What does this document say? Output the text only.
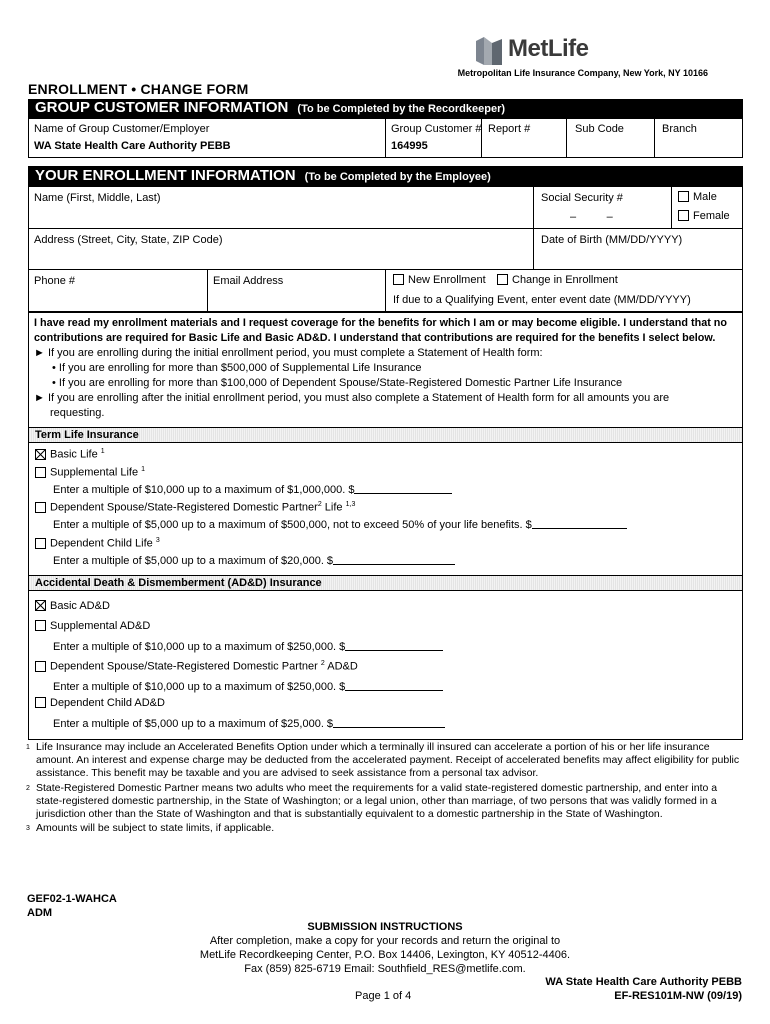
MetLife
Metropolitan Life Insurance Company, New York, NY 10166
ENROLLMENT • CHANGE FORM
GROUP CUSTOMER INFORMATION (To be Completed by the Recordkeeper)
Name of Group Customer/Employer
WA State Health Care Authority PEBB
Group Customer #
164995
Report #	Sub Code	Branch
YOUR ENROLLMENT INFORMATION (To be Completed by the Employee)
Name (First, Middle, Last)	Social Security #
–          –
Male
Female
Address (Street, City, State, ZIP Code)	Date of Birth (MM/DD/YYYY)
Phone #	Email Address	New Enrollment	Change in Enrollment
If due to a Qualifying Event, enter event date (MM/DD/YYYY)
I have read my enrollment materials and I request coverage for the benefits for which I am or may become eligible. I understand that no
contributions are required for Basic Life and Basic AD&D. I understand that contributions are required for the benefits I select below.
► If you are enrolling during the initial enrollment period, you must complete a Statement of Health form:
• If you are enrolling for more than $500,000 of Supplemental Life Insurance
• If you are enrolling for more than $100,000 of Dependent Spouse/State-Registered Domestic Partner Life Insurance
► If you are enrolling after the initial enrollment period, you must also complete a Statement of Health form for all amounts you are
requesting.
Term Life Insurance
Basic Life $^1$
Supplemental Life $^1$
Enter a multiple of $10,000 up to a maximum of $1,000,000. $
Dependent Spouse/State-Registered Domestic Partner$^2$ Life $^{1,3}$
Enter a multiple of $5,000 up to a maximum of $500,000, not to exceed 50% of your life benefits. $
Dependent Child Life $^3$
Enter a multiple of $5,000 up to a maximum of $20,000. $
Accidental Death & Dismemberment (AD&D) Insurance
Basic AD&D
Supplemental AD&D
Enter a multiple of $10,000 up to a maximum of $250,000. $
Dependent Spouse/State-Registered Domestic Partner $^2$ AD&D
Enter a multiple of $10,000 up to a maximum of $250,000. $
Dependent Child AD&D
Enter a multiple of $5,000 up to a maximum of $25,000. $
1 Life Insurance may include an Accelerated Benefits Option under which a terminally ill insured can accelerate a portion of his or her life insurance amount. An interest and expense charge may be deducted from the accelerated payment. Receipt of accelerated benefits may affect eligibility for public assistance. This benefit may be taxable and you are advised to seek assistance from a personal tax advisor.
2 State-Registered Domestic Partner means two adults who meet the requirements for a valid state-registered domestic partnership, and enter into a state-registered domestic partnership, in the State of Washington; or a legal union, other than marriage, of two persons that was validly formed in a jurisdiction other than the State of Washington and that is substantially equivalent to a domestic partnership in the State of Washington.
3 Amounts will be subject to state limits, if applicable.
GEF02-1-WAHCA
ADM
SUBMISSION INSTRUCTIONS
After completion, make a copy for your records and return the original to
MetLife Recordkeeping Center, P.O. Box 14406, Lexington, KY 40512-4406.
Fax (859) 825-6719 Email: Southfield_RES@metlife.com.
WA State Health Care Authority PEBB
EF-RES101M-NW (09/19)
Page 1 of 4
